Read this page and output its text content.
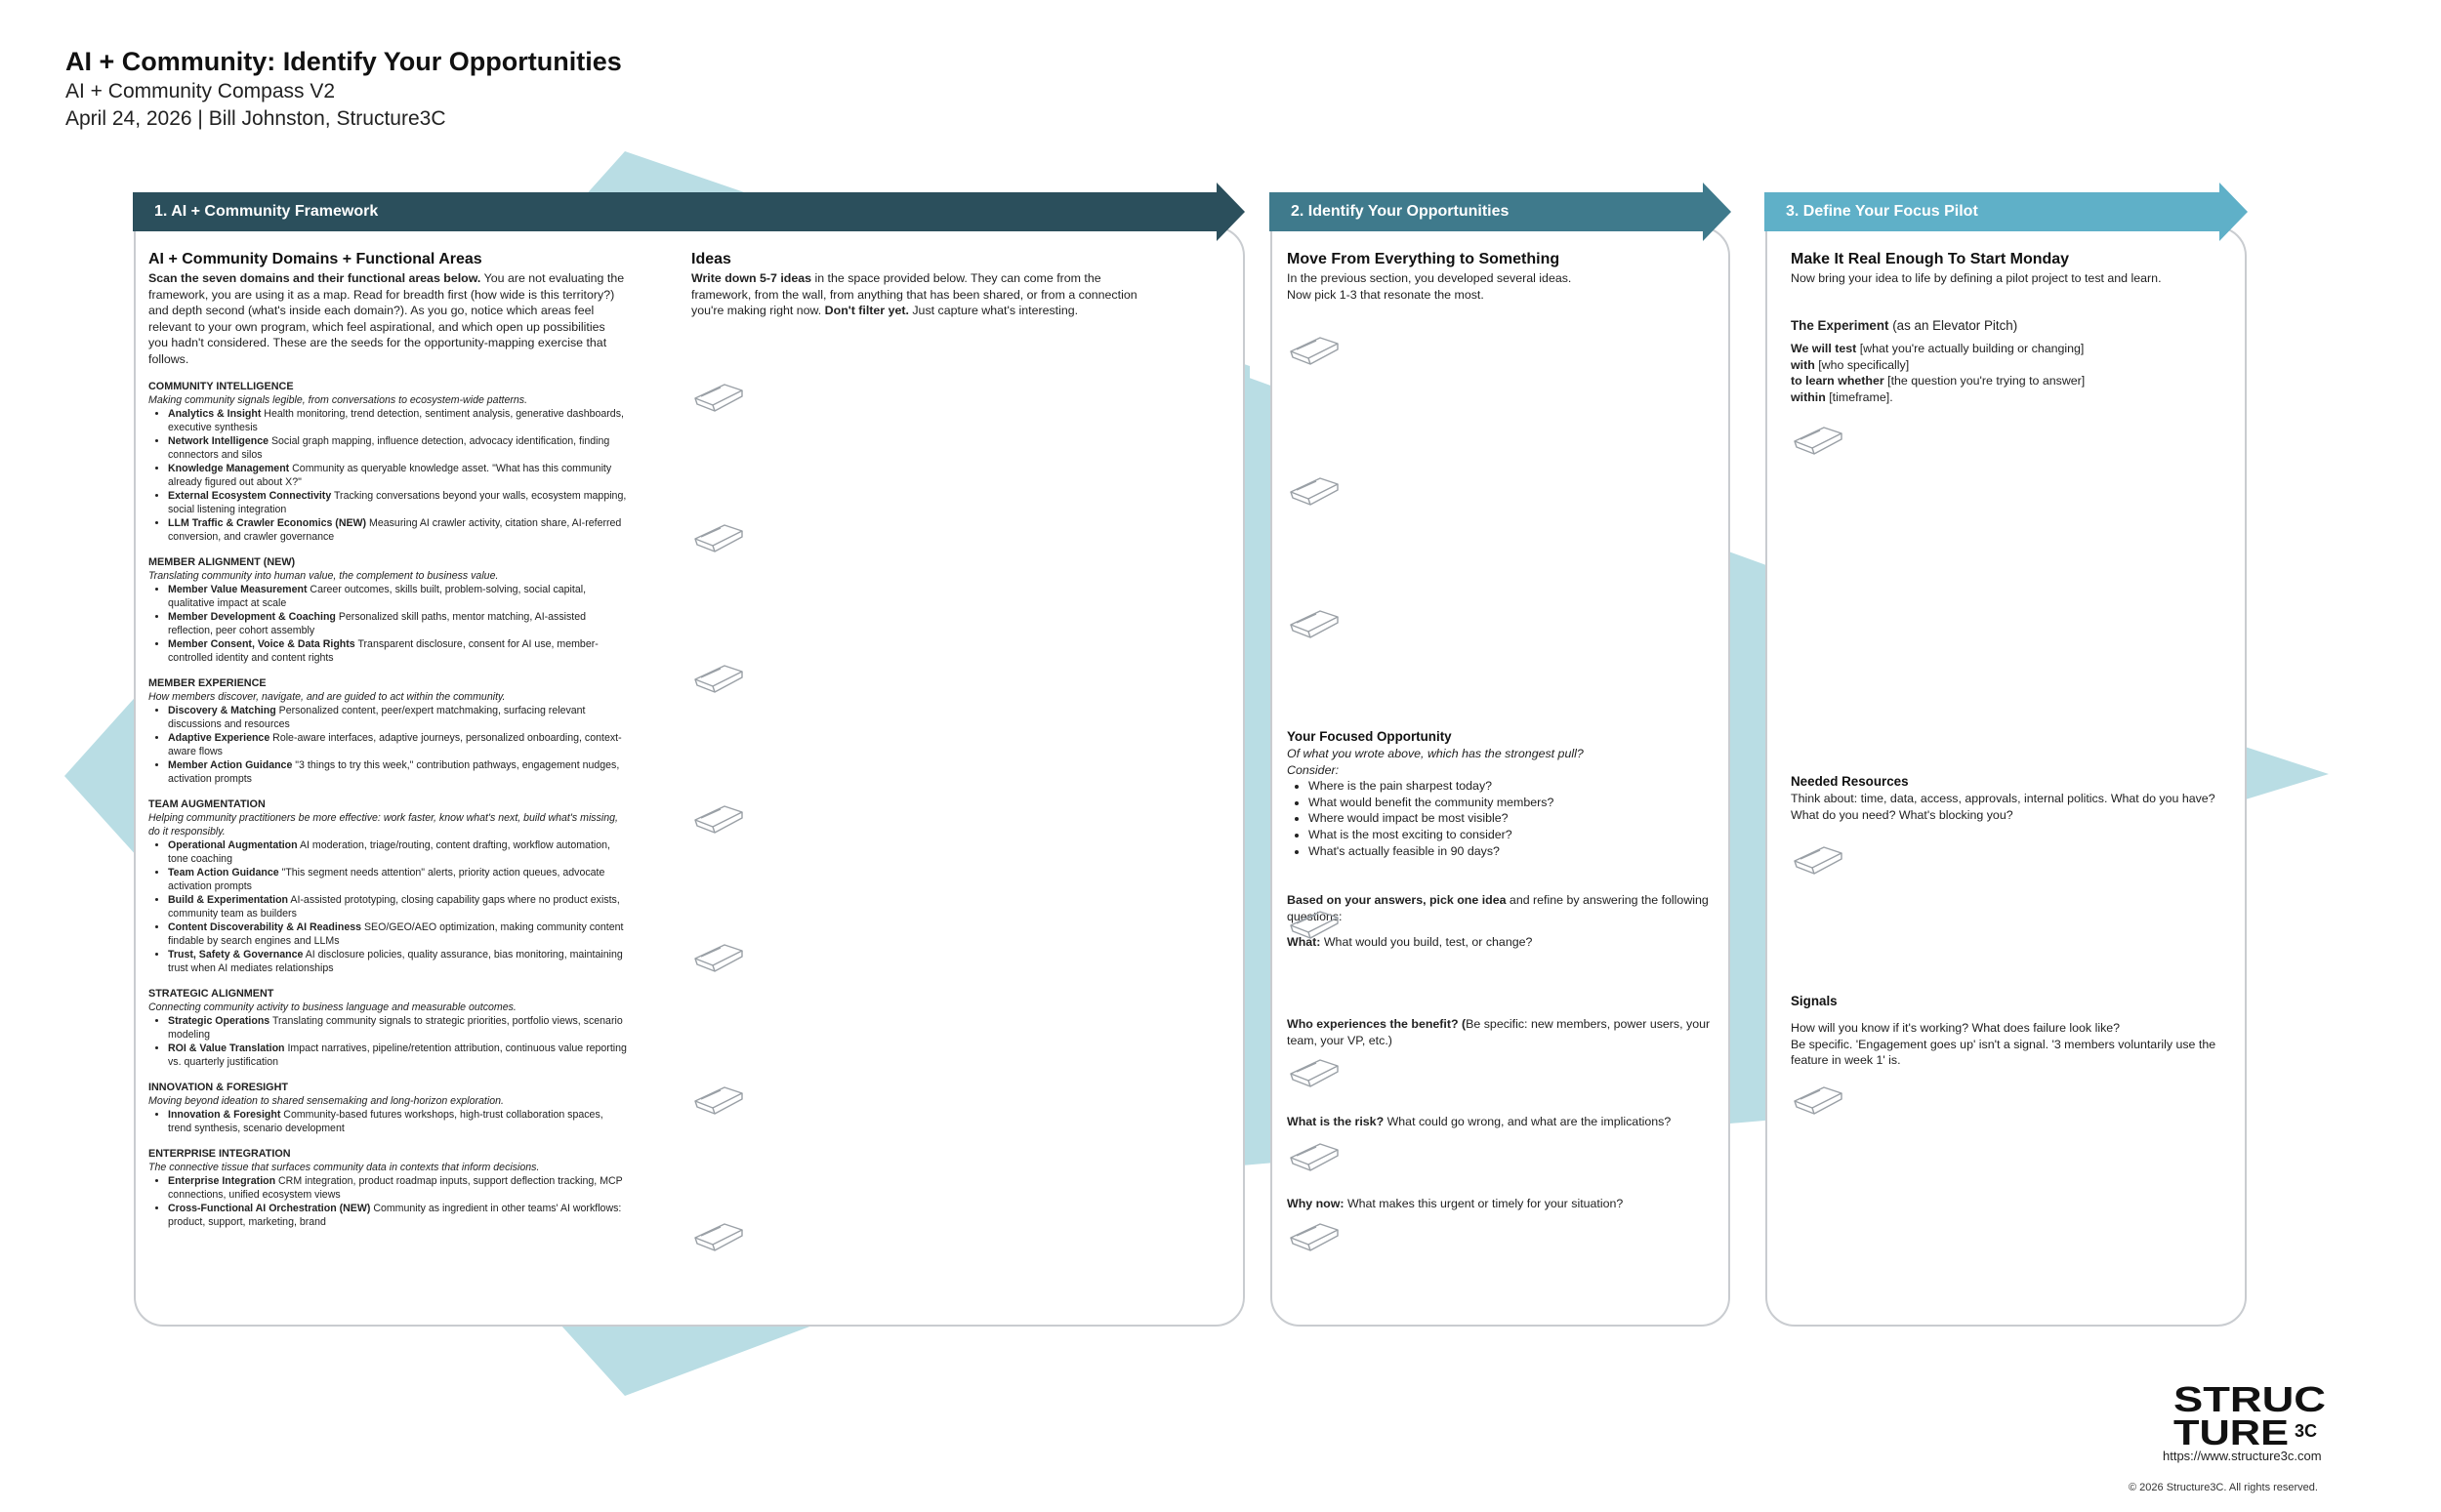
AI + Community: Identify Your Opportunities
AI + Community Compass V2
April 24, 2026 | Bill Johnston, Structure3C
1. AI + Community Framework	2. Identify Your Opportunities	3. Define Your Focus Pilot
AI + Community Domains + Functional Areas
Scan the seven domains and their functional areas below. You are not evaluating the framework, you are using it as a map. Read for breadth first (how wide is this territory?) and depth second (what's inside each domain?). As you go, notice which areas feel relevant to your own program, which feel aspirational, and which open up possibilities you hadn't considered. These are the seeds for the opportunity-mapping exercise that follows.
COMMUNITY INTELLIGENCE
Making community signals legible, from conversations to ecosystem-wide patterns.
• Analytics & Insight Health monitoring, trend detection, sentiment analysis, generative dashboards, executive synthesis
• Network Intelligence Social graph mapping, influence detection, advocacy identification, finding connectors and silos
• Knowledge Management Community as queryable knowledge asset. "What has this community already figured out about X?"
• External Ecosystem Connectivity Tracking conversations beyond your walls, ecosystem mapping, social listening integration
• LLM Traffic & Crawler Economics (NEW) Measuring AI crawler activity, citation share, AI-referred conversion, and crawler governance
MEMBER ALIGNMENT (NEW)
Translating community into human value, the complement to business value.
• Member Value Measurement Career outcomes, skills built, problem-solving, social capital, qualitative impact at scale
• Member Development & Coaching Personalized skill paths, mentor matching, AI-assisted reflection, peer cohort assembly
• Member Consent, Voice & Data Rights Transparent disclosure, consent for AI use, member-controlled identity and content rights
MEMBER EXPERIENCE
How members discover, navigate, and are guided to act within the community.
• Discovery & Matching Personalized content, peer/expert matchmaking, surfacing relevant discussions and resources
• Adaptive Experience Role-aware interfaces, adaptive journeys, personalized onboarding, context-aware flows
• Member Action Guidance "3 things to try this week," contribution pathways, engagement nudges, activation prompts
TEAM AUGMENTATION
Helping community practitioners be more effective: work faster, know what's next, build what's missing, do it responsibly.
• Operational Augmentation AI moderation, triage/routing, content drafting, workflow automation, tone coaching
• Team Action Guidance "This segment needs attention" alerts, priority action queues, advocate activation prompts
• Build & Experimentation AI-assisted prototyping, closing capability gaps where no product exists, community team as builders
• Content Discoverability & AI Readiness SEO/GEO/AEO optimization, making community content findable by search engines and LLMs
• Trust, Safety & Governance AI disclosure policies, quality assurance, bias monitoring, maintaining trust when AI mediates relationships
STRATEGIC ALIGNMENT
Connecting community activity to business language and measurable outcomes.
• Strategic Operations Translating community signals to strategic priorities, portfolio views, scenario modeling
• ROI & Value Translation Impact narratives, pipeline/retention attribution, continuous value reporting vs. quarterly justification
INNOVATION & FORESIGHT
Moving beyond ideation to shared sensemaking and long-horizon exploration.
• Innovation & Foresight Community-based futures workshops, high-trust collaboration spaces, trend synthesis, scenario development
ENTERPRISE INTEGRATION
The connective tissue that surfaces community data in contexts that inform decisions.
• Enterprise Integration CRM integration, product roadmap inputs, support deflection tracking, MCP connections, unified ecosystem views
• Cross-Functional AI Orchestration (NEW) Community as ingredient in other teams' AI workflows: product, support, marketing, brand
Ideas
Write down 5-7 ideas in the space provided below. They can come from the framework, from the wall, from anything that has been shared, or from a connection you're making right now. Don't filter yet. Just capture what's interesting.
Move From Everything to Something
In the previous section, you developed several ideas.
Now pick 1-3 that resonate the most.
Your Focused Opportunity
Of what you wrote above, which has the strongest pull?
Consider:
• Where is the pain sharpest today?
• What would benefit the community members?
• Where would impact be most visible?
• What is the most exciting to consider?
• What's actually feasible in 90 days?
Based on your answers, pick one idea and refine by answering the following questions:
What: What would you build, test, or change?
Who experiences the benefit? (Be specific: new members, power users, your team, your VP, etc.)
What is the risk? What could go wrong, and what are the implications?
Why now: What makes this urgent or timely for your situation?
Make It Real Enough To Start Monday
Now bring your idea to life by defining a pilot project to test and learn.
The Experiment (as an Elevator Pitch)
We will test [what you're actually building or changing]
with [who specifically]
to learn whether [the question you're trying to answer]
within [timeframe].
Needed Resources
Think about: time, data, access, approvals, internal politics. What do you have? What do you need? What's blocking you?
Signals
How will you know if it's working? What does failure look like?
Be specific. 'Engagement goes up' isn't a signal. '3 members voluntarily use the feature in week 1' is.
STRUC
TURE 3C
https://www.structure3c.com
© 2026 Structure3C. All rights reserved.
